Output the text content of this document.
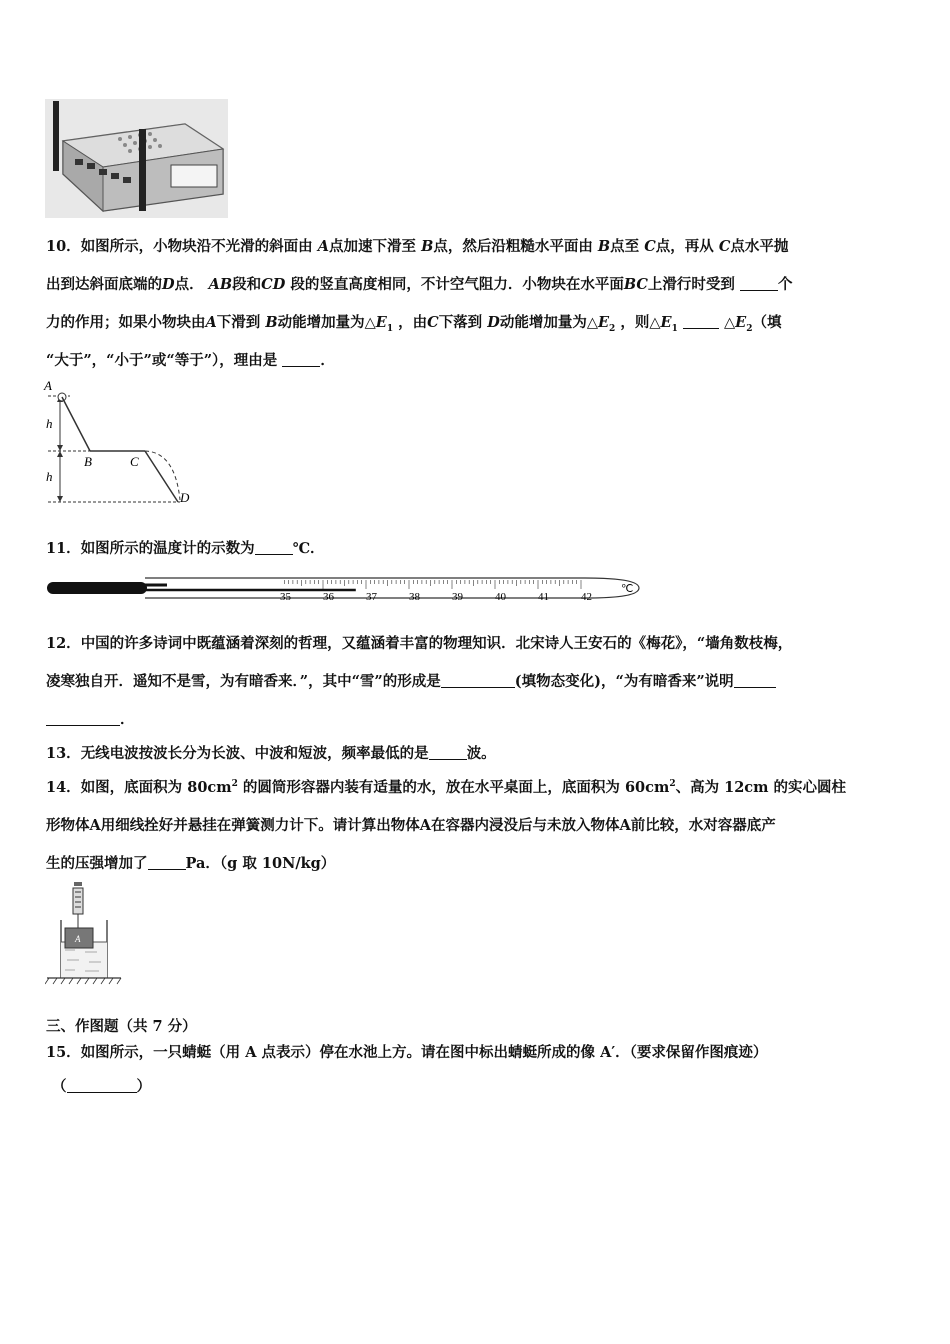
10．如图所示，小物块沿不光滑的斜面由 A点加速下滑至 B点，然后沿粗糙水平面由 B点至 C点，再从 C点水平抛

出到达斜面底端的D点． AB段和CD 段的竖直高度相同，不计空气阻力．小物块在水平面BC上滑行时受到	个

力的作用；如果小物块由A下滑到 B动能增加量为$\triangle E_1$ ，由C下落到 D动能增加量为$\triangle E_2$ ，则$\triangle E_1$	$\triangle E_2$（填

“大于”，“小于”或“等于”），理由是	．

A
B	C
D
h
h

11．如图所示的温度计的示数为	℃．

35	36	37	38	39	40	41	42
℃

12．中国的许多诗词中既蕴涵着深刻的哲理，又蕴涵着丰富的物理知识．北宋诗人王安石的《梅花》，“墙角数枝梅，

凌寒独自开．遥知不是雪，为有暗香来．”，其中“雪”的形成是	(填物态变化)，“为有暗香来”说明

．

13．无线电波按波长分为长波、中波和短波，频率最低的是	波。

14．如图，底面积为 $80cm^2$ 的圆筒形容器内装有适量的水，放在水平桌面上，底面积为 $60cm^2$、高为 12cm 的实心圆柱

形物体A用细线拴好并悬挂在弹簧测力计下。请计算出物体A在容器内浸没后与未放入物体A前比较，水对容器底产

生的压强增加了	Pa．（g 取 10N/kg）

A

三、作图题（共 7 分）

15．如图所示，一只蜻蜓（用 A 点表示）停在水池上方。请在图中标出蜻蜓所成的像 A′．（要求保留作图痕迹）

（	）
